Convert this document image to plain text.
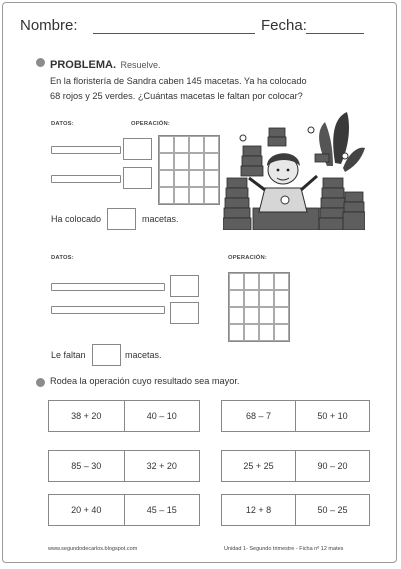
Nombre:	Fecha:
PROBLEMA. Resuelve.
En la floristería de Sandra caben 145 macetas. Ya ha colocado
68 rojos y 25 verdes. ¿Cuántas macetas le faltan por colocar?
DATOS:	OPERACIÓN:
Ha colocado	macetas.
DATOS:	OPERACIÓN:
Le faltan	macetas.
Rodea la operación cuyo resultado sea mayor.
38 + 20	40 – 10
85 – 30	32 + 20
20 + 40	45 – 15
68 – 7	50 + 10
25 + 25	90 – 20
12 + 8	50 – 25
www.segundodecarlos.blogspot.com	Unidad 1- Segundo trimestre - Ficha nº 12 mates
